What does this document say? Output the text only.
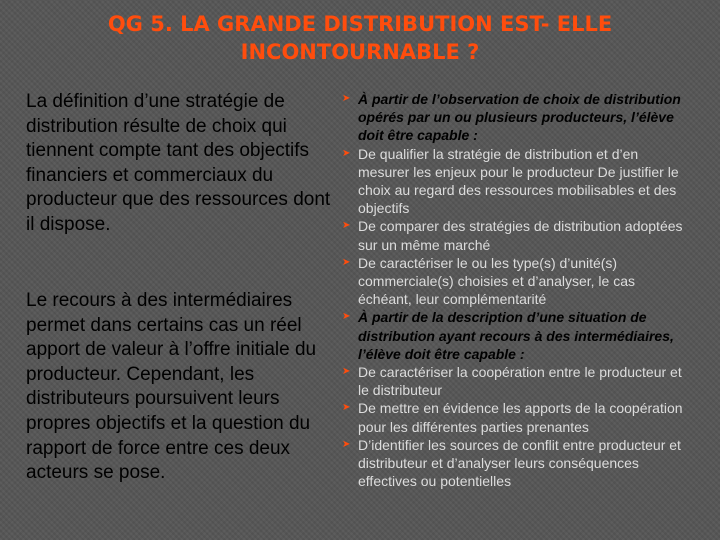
QG 5. LA GRANDE DISTRIBUTION EST- ELLE INCONTOURNABLE ?

La définition d’une stratégie de distribution résulte de choix qui tiennent compte tant des objectifs financiers et commerciaux du producteur que des ressources dont il dispose.

Le recours à des intermédiaires permet dans certains cas un réel apport de valeur à l’offre initiale du producteur. Cependant, les distributeurs poursuivent leurs propres objectifs et la question du rapport de force entre ces deux acteurs se pose.

➤ À partir de l’observation de choix de distribution opérés par un ou plusieurs producteurs, l’élève doit être capable :

➤ De qualifier la stratégie de distribution et d’en mesurer les enjeux pour le producteur De justifier le choix au regard des ressources mobilisables et des objectifs

➤ De comparer des stratégies de distribution adoptées sur un même marché

➤ De caractériser le ou les type(s) d’unité(s) commerciale(s) choisies et d’analyser, le cas échéant, leur complémentarité

➤ À partir de la description d’une situation de distribution ayant recours à des intermédiaires, l’élève doit être capable :

➤ De caractériser la coopération entre le producteur et le distributeur

➤ De mettre en évidence les apports de la coopération pour les différentes parties prenantes

➤ D’identifier les sources de conflit entre producteur et distributeur et d’analyser leurs conséquences effectives ou potentielles
